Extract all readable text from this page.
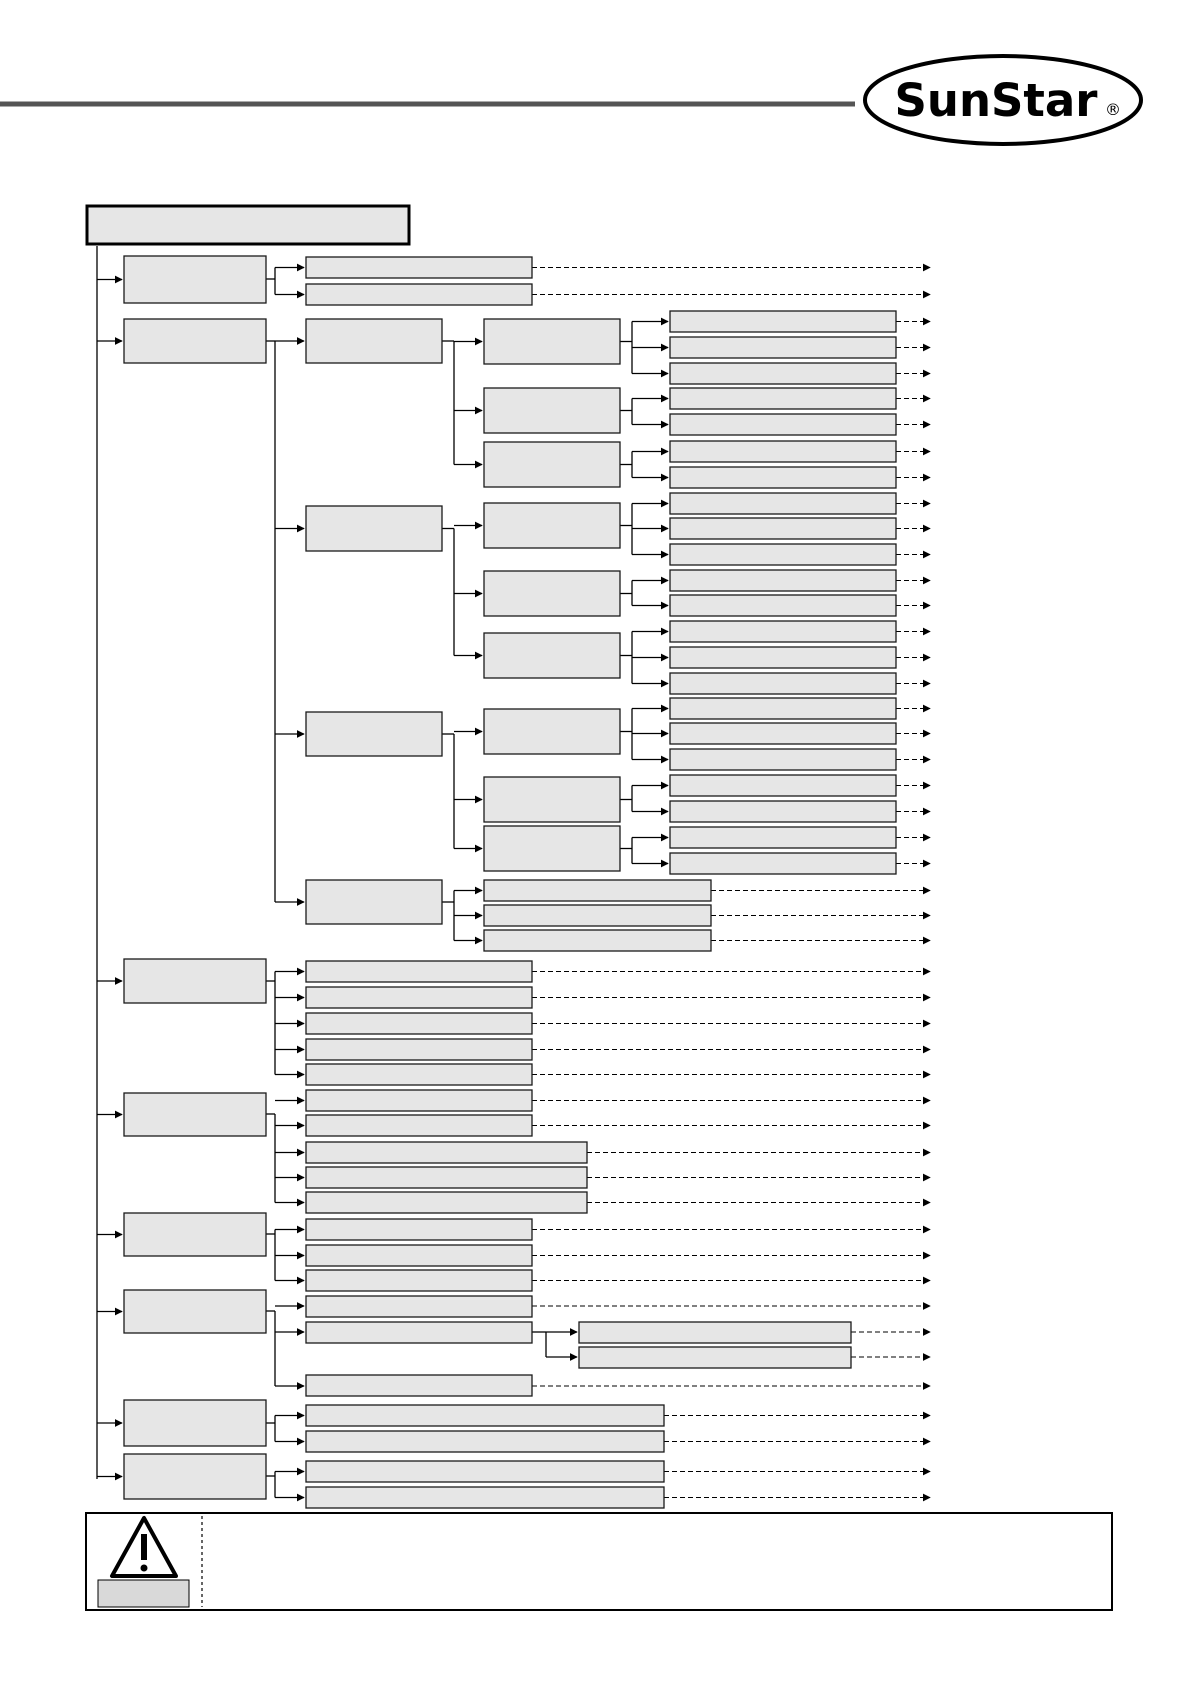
SunStar ®
